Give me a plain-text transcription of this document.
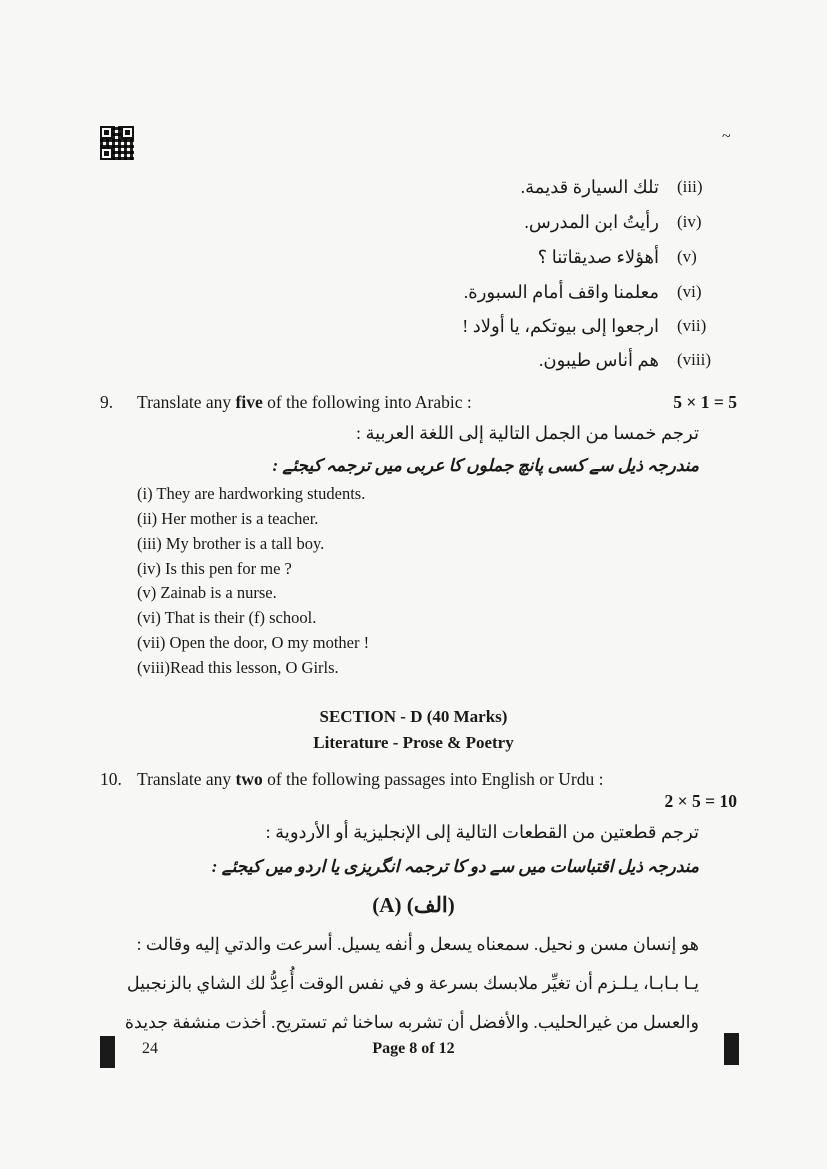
~
تلك السيارة قديمة. (iii)
رأيتُ ابن المدرس. (iv)
أهؤلاء صديقاتنا ؟ (v)
معلمنا واقف أمام السبورة. (vi)
ارجعوا إلى بيوتكم، يا أولاد ! (vii)
هم أناس طيبون. (viii)
9. Translate any five of the following into Arabic :	5 × 1 = 5
ترجم خمسا من الجمل التالية إلى اللغة العربية :
مندرجہ ذیل سے کسی پانچ جملوں کا عربی میں ترجمہ کیجئے :
(i) They are hardworking students.
(ii) Her mother is a teacher.
(iii) My brother is a tall boy.
(iv) Is this pen for me ?
(v) Zainab is a nurse.
(vi) That is their (f) school.
(vii) Open the door, O my mother !
(viii)Read this lesson, O Girls.
SECTION - D (40 Marks)
Literature - Prose & Poetry
10. Translate any two of the following passages into English or Urdu :
2 × 5 = 10
ترجم قطعتين من القطعات التالية إلى الإنجليزية أو الأردوية :
مندرجہ ذیل اقتباسات میں سے دو کا ترجمہ انگریزی یا اردو میں کیجئے :
(A) (الف)
هو إنسان مسن و نحيل. سمعناه يسعل و أنفه يسيل. أسرعت والدتي إليه وقالت :
يـا بـابـا، يـلـزم أن تغيِّر ملابسك بسرعة و في نفس الوقت أُعِدُّ لك الشاي بالزنجبيل
والعسل من غيرالحليب. والأفضل أن تشربه ساخنا ثم تستريح. أخذت منشفة جديدة
24	Page 8 of 12
